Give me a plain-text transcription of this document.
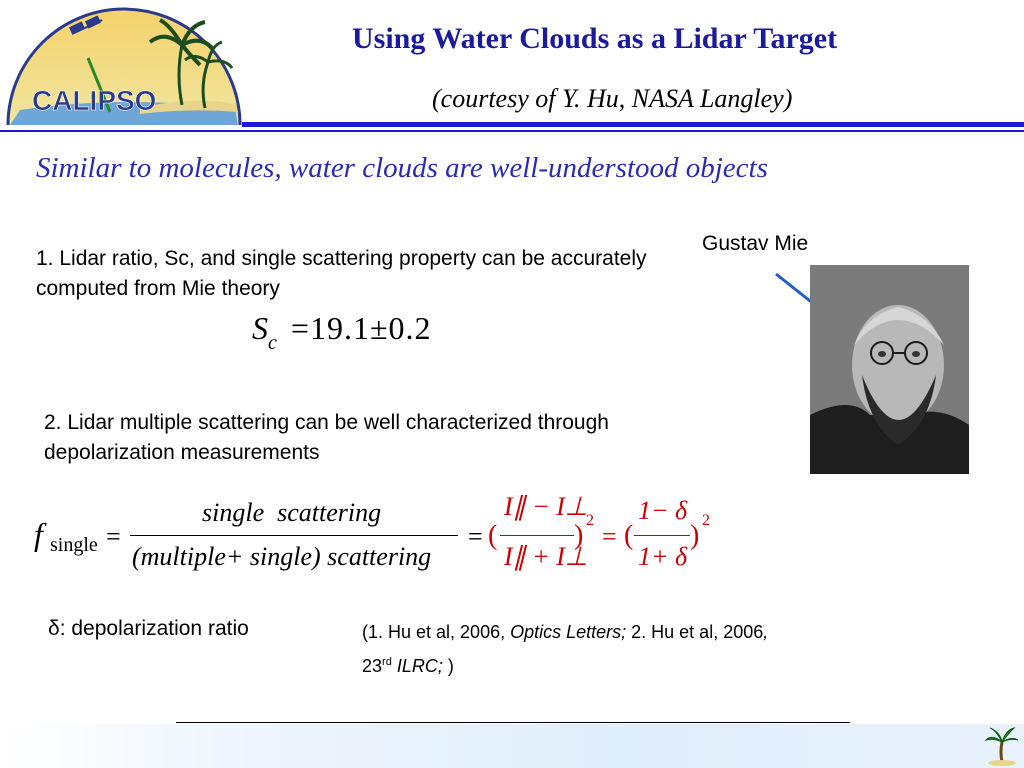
CALIPSO
Using Water Clouds as a Lidar Target
(courtesy of Y. Hu, NASA Langley)
Similar to molecules, water clouds are well-understood objects
1. Lidar ratio, Sc, and single scattering property can be accurately computed from Mie theory
$S_c =19.1\pm 0.2$
2. Lidar multiple scattering can be well characterized through depolarization measurements
f single =
single scattering
(multiple+ single) scattering
= (
I∥ − I⊥
I∥ + I⊥
) 2
= (
1− δ
1+ δ
) 2
Gustav Mie
δ: depolarization ratio	(1. Hu et al, 2006, Optics Letters; 2. Hu et al, 2006,
23rd ILRC; )
